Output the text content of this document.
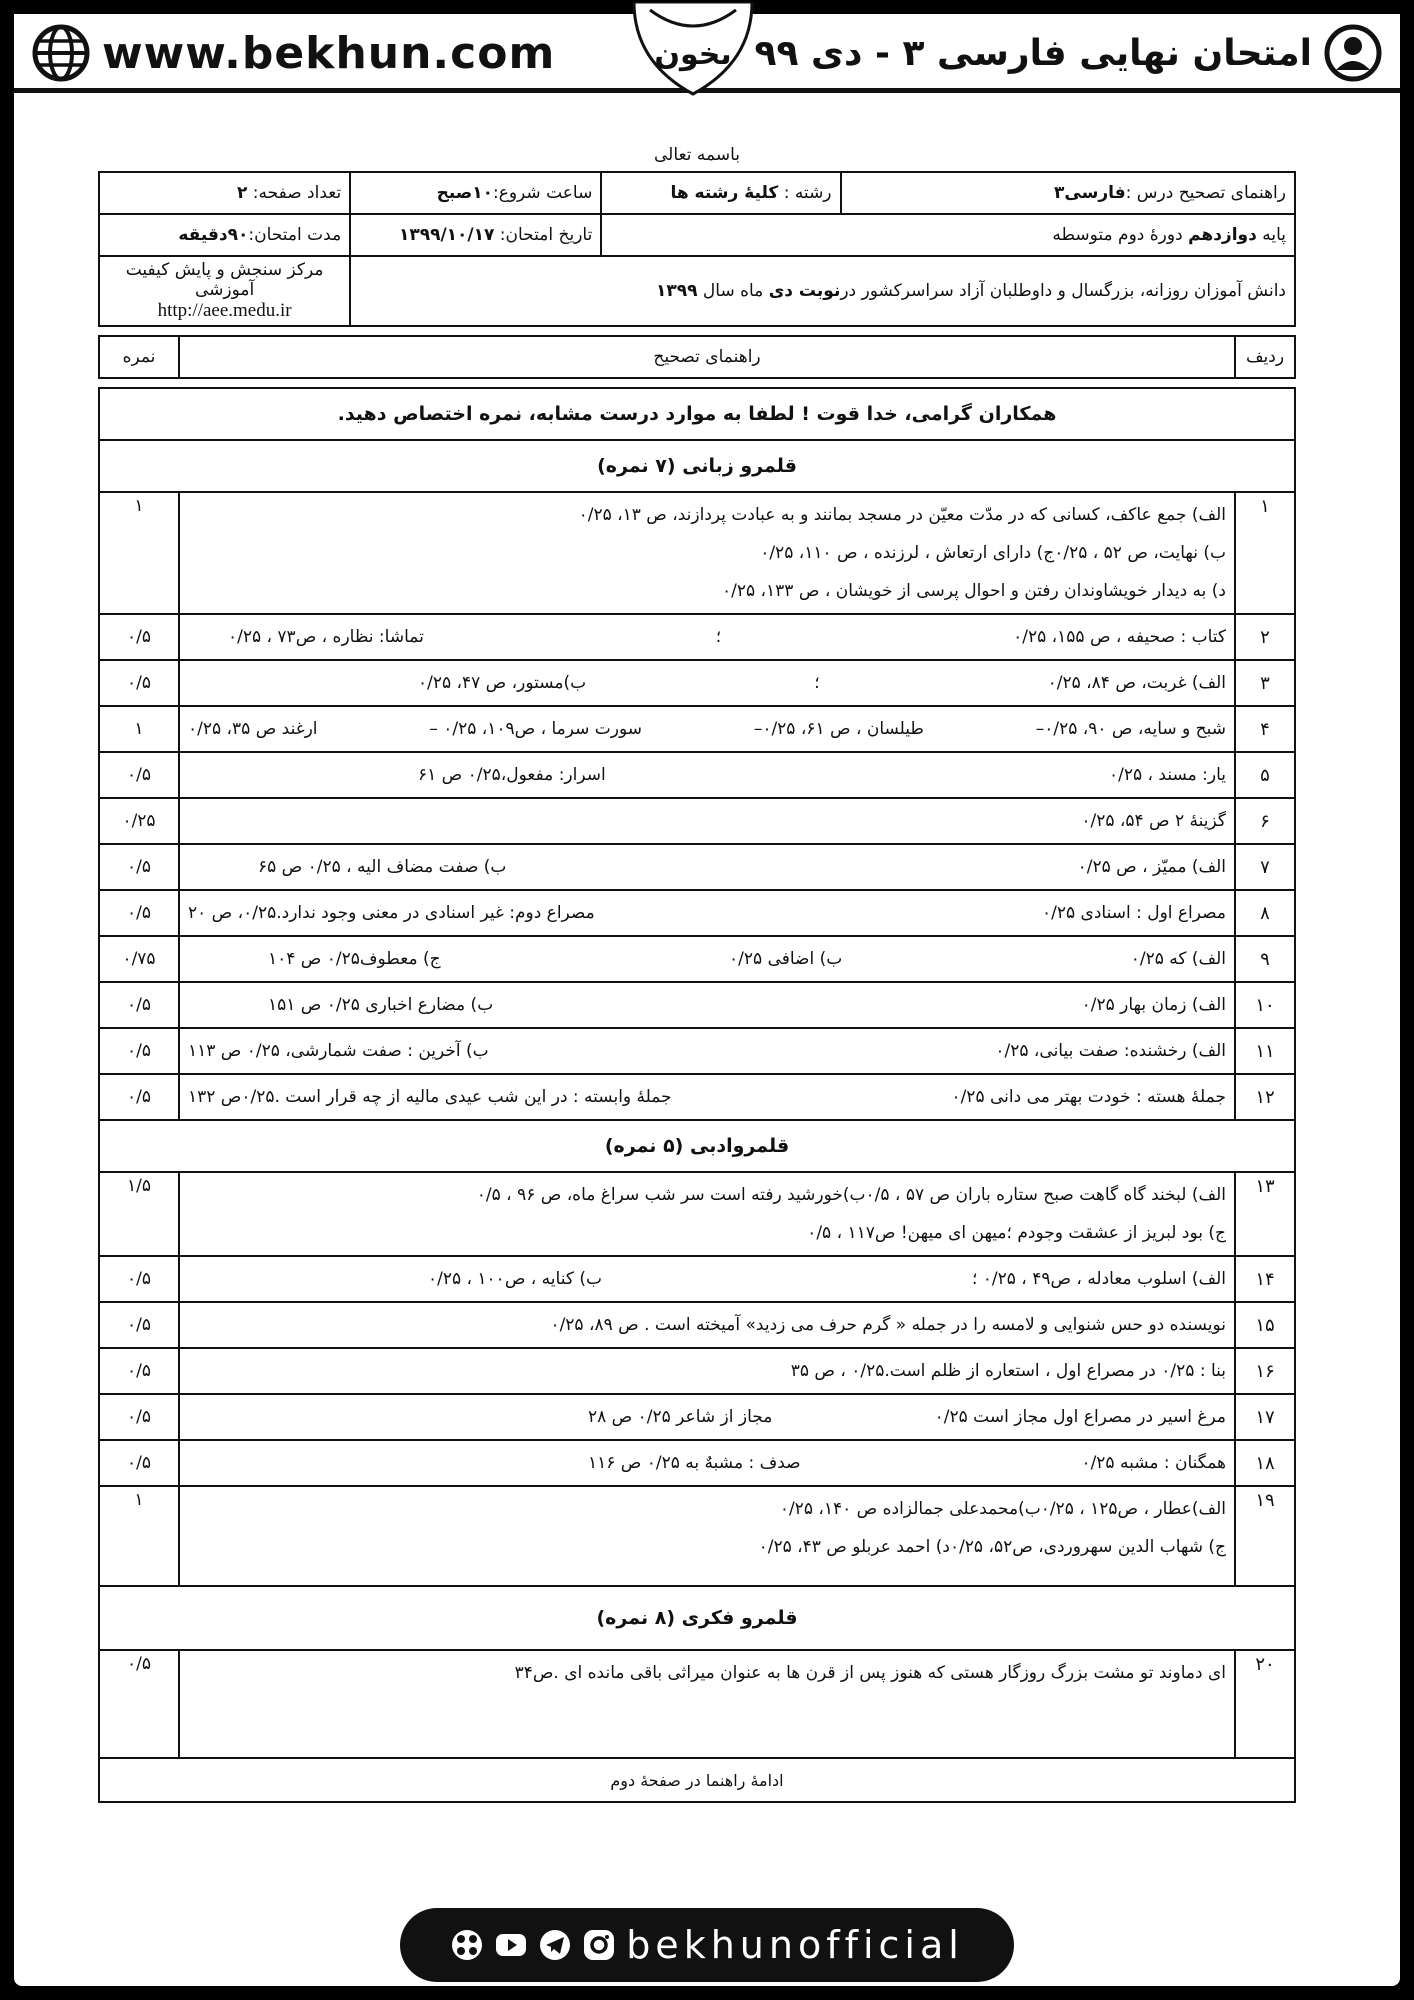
www.bekhun.com	امتحان نهایی فارسی ۳ - دی ۹۹
بخون
باسمه تعالی
راهنمای تصحیح درس :فارسی۳	رشته : کلیهٔ رشته ها	ساعت شروع:۱۰صبح	تعداد صفحه: ۲
پایه دوازدهم دورهٔ دوم متوسطه		تاریخ امتحان: ۱۳۹۹/۱۰/۱۷	مدت امتحان:۹۰دقیقه
دانش آموزان روزانه، بزرگسال و داوطلبان آزاد سراسرکشور درنوبت دی ماه سال ۱۳۹۹			مرکز سنجش و پایش کیفیت آموزشی
http://aee.medu.ir
ردیف	راهنمای تصحیح	نمره
همکاران گرامی، خدا قوت ! لطفا به موارد درست مشابه، نمره اختصاص دهید.		
قلمرو زبانی (۷ نمره)		
۱	الف) جمع عاکف، کسانی که در مدّت معیّن در مسجد بمانند و به عبادت پردازند، ص ۱۳، ۰/۲۵
ب) نهایت، ص ۵۲ ، ۰/۲۵ج) دارای ارتعاش ، لرزنده ، ص ۱۱۰، ۰/۲۵
د) به دیدار خویشاوندان رفتن و احوال پرسی از خویشان ، ص ۱۳۳، ۰/۲۵	۱
۲	کتاب : صحیفه ، ص ۱۵۵، ۰/۲۵
؛
تماشا: نظاره ، ص۷۳ ، ۰/۲۵	۰/۵
۳	الف) غربت، ص ۸۴، ۰/۲۵
؛
ب)مستور، ص ۴۷، ۰/۲۵	۰/۵
۴	شبح و سایه، ص ۹۰، ۰/۲۵–
طیلسان ، ص ۶۱، ۰/۲۵–
سورت سرما ، ص۱۰۹، ۰/۲۵ –
ارغند ص ۳۵، ۰/۲۵	۱
۵	یار: مسند ، ۰/۲۵
اسرار: مفعول،۰/۲۵ ص ۶۱	۰/۵
۶	گزینهٔ ۲ ص ۵۴، ۰/۲۵	۰/۲۵
۷	الف) ممیّز ، ص ۰/۲۵
ب) صفت مضاف الیه ، ۰/۲۵ ص ۶۵	۰/۵
۸	مصراع اول : اسنادی ۰/۲۵
مصراع دوم: غیر اسنادی در معنی وجود ندارد.۰/۲۵، ص ۲۰	۰/۵
۹	الف) که ۰/۲۵
ب) اضافی ۰/۲۵
ج) معطوف۰/۲۵ ص ۱۰۴	۰/۷۵
۱۰	الف) زمان بهار ۰/۲۵
ب) مضارع اخباری ۰/۲۵ ص ۱۵۱	۰/۵
۱۱	الف) رخشنده: صفت بیانی، ۰/۲۵
ب) آخرین : صفت شمارشی، ۰/۲۵ ص ۱۱۳	۰/۵
۱۲	جملهٔ هسته : خودت بهتر می دانی ۰/۲۵
جملهٔ وابسته : در این شب عیدی مالیه از چه قرار است .۰/۲۵ص ۱۳۲	۰/۵
قلمروادبی (۵ نمره)		
۱۳	الف) لبخند گاه گاهت صبح ستاره باران ص ۵۷ ، ۰/۵ب)خورشید رفته است سر شب سراغ ماه، ص ۹۶ ، ۰/۵
ج) بود لبریز از عشقت وجودم ؛میهن ای میهن! ص۱۱۷ ، ۰/۵	۱/۵
۱۴	الف) اسلوب معادله ، ص۴۹ ، ۰/۲۵ ؛
ب) کنایه ، ص۱۰۰ ، ۰/۲۵	۰/۵
۱۵	نویسنده دو حس شنوایی و لامسه را در جمله « گرم حرف می زدید» آمیخته است . ص ۸۹، ۰/۲۵	۰/۵
۱۶	بنا : ۰/۲۵ در مصراع اول ، استعاره از ظلم است.۰/۲۵ ، ص ۳۵	۰/۵
۱۷	مرغ اسیر در مصراع اول مجاز است ۰/۲۵
مجاز از شاعر ۰/۲۵ ص ۲۸	۰/۵
۱۸	همگنان : مشبه ۰/۲۵
صدف : مشبهٌ به ۰/۲۵ ص ۱۱۶	۰/۵
۱۹	الف)عطار ، ص۱۲۵ ، ۰/۲۵ب)محمدعلی جمالزاده ص ۱۴۰، ۰/۲۵
ج) شهاب الدین سهروردی، ص۵۲، ۰/۲۵د) احمد عربلو ص ۴۳، ۰/۲۵	۱
قلمرو فکری (۸ نمره)		
۲۰	ای دماوند تو مشت بزرگ روزگار هستی که هنوز پس از قرن ها به عنوان میراثی باقی مانده ای .ص۳۴	۰/۵
ادامهٔ راهنما در صفحهٔ دوم		
bekhunofficial
